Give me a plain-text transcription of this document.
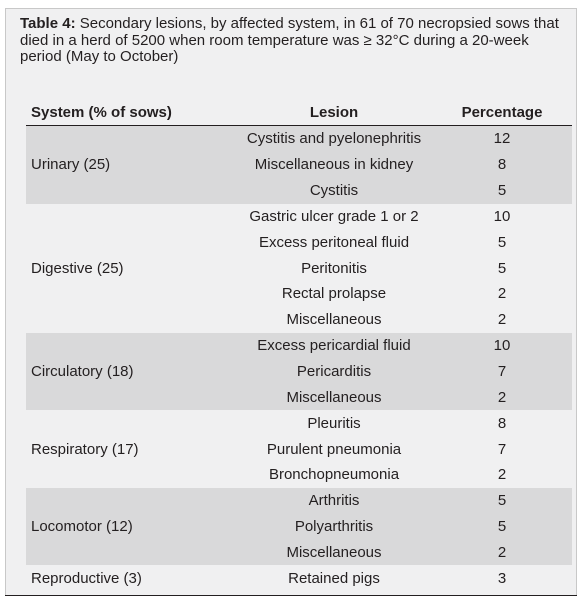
Table 4: Secondary lesions, by affected system, in 61 of 70 necropsied sows that died in a herd of 5200 when room temperature was ≥ 32°C during a 20-week period (May to October)
System (% of sows)	Lesion	Percentage
Urinary (25)	Cystitis and pyelonephritis	12
	Miscellaneous in kidney	8
	Cystitis	5
Digestive (25)	Gastric ulcer grade 1 or 2	10
	Excess peritoneal fluid	5
	Peritonitis	5
	Rectal prolapse	2
	Miscellaneous	2
Circulatory (18)	Excess pericardial fluid	10
	Pericarditis	7
	Miscellaneous	2
Respiratory (17)	Pleuritis	8
	Purulent pneumonia	7
	Bronchopneumonia	2
Locomotor (12)	Arthritis	5
	Polyarthritis	5
	Miscellaneous	2
Reproductive (3)	Retained pigs	3
